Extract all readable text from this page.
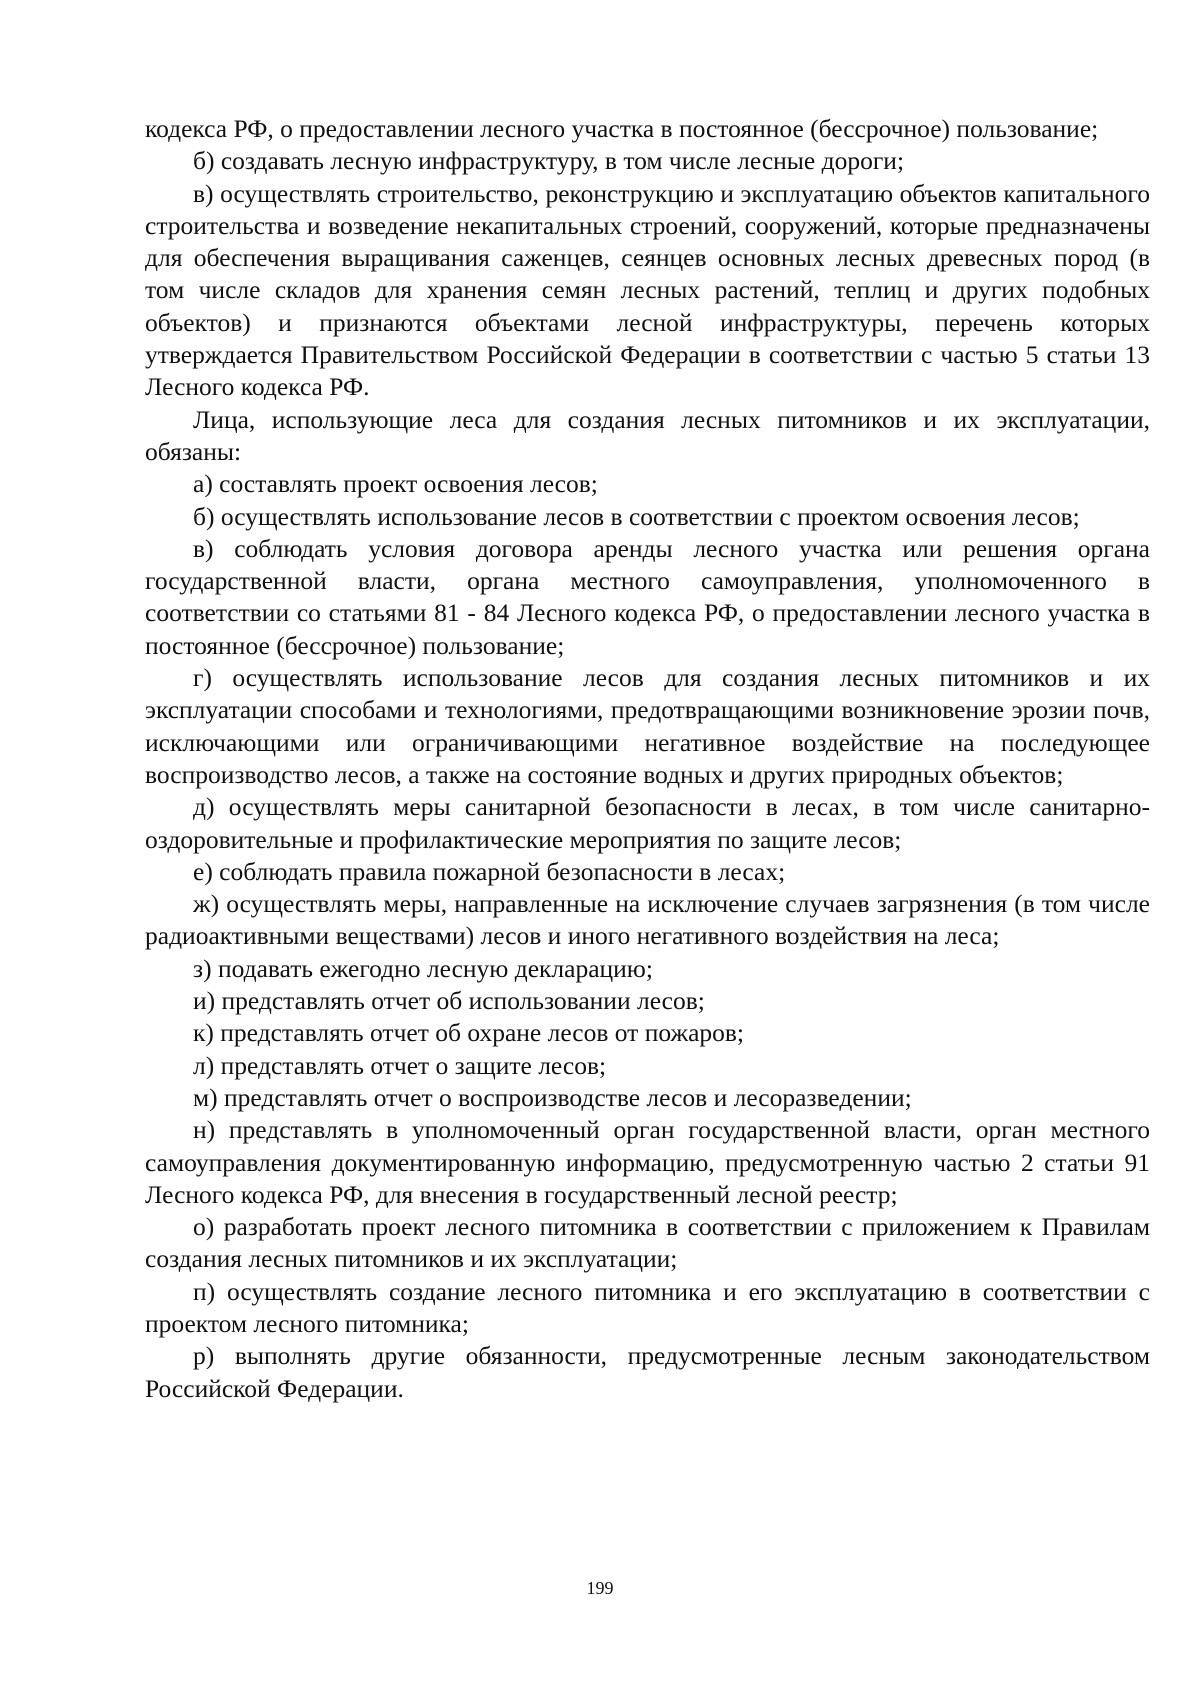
кодекса РФ, о предоставлении лесного участка в постоянное (бессрочное) пользование;

б) создавать лесную инфраструктуру, в том числе лесные дороги;

в) осуществлять строительство, реконструкцию и эксплуатацию объектов капитального строительства и возведение некапитальных строений, сооружений, которые предназначены для обеспечения выращивания саженцев, сеянцев основных лесных древесных пород (в том числе складов для хранения семян лесных растений, теплиц и других подобных объектов) и признаются объектами лесной инфраструктуры, перечень которых утверждается Правительством Российской Федерации в соответствии с частью 5 статьи 13 Лесного кодекса РФ.

Лица, использующие леса для создания лесных питомников и их эксплуатации, обязаны:

а) составлять проект освоения лесов;

б) осуществлять использование лесов в соответствии с проектом освоения лесов;

в) соблюдать условия договора аренды лесного участка или решения органа государственной власти, органа местного самоуправления, уполномоченного в соответствии со статьями 81 - 84 Лесного кодекса РФ, о предоставлении лесного участка в постоянное (бессрочное) пользование;

г) осуществлять использование лесов для создания лесных питомников и их эксплуатации способами и технологиями, предотвращающими возникновение эрозии почв, исключающими или ограничивающими негативное воздействие на последующее воспроизводство лесов, а также на состояние водных и других природных объектов;

д) осуществлять меры санитарной безопасности в лесах, в том числе санитарно-оздоровительные и профилактические мероприятия по защите лесов;

е) соблюдать правила пожарной безопасности в лесах;

ж) осуществлять меры, направленные на исключение случаев загрязнения (в том числе радиоактивными веществами) лесов и иного негативного воздействия на леса;

з) подавать ежегодно лесную декларацию;

и) представлять отчет об использовании лесов;

к) представлять отчет об охране лесов от пожаров;

л) представлять отчет о защите лесов;

м) представлять отчет о воспроизводстве лесов и лесоразведении;

н) представлять в уполномоченный орган государственной власти, орган местного самоуправления документированную информацию, предусмотренную частью 2 статьи 91 Лесного кодекса РФ, для внесения в государственный лесной реестр;

о) разработать проект лесного питомника в соответствии с приложением к Правилам создания лесных питомников и их эксплуатации;

п) осуществлять создание лесного питомника и его эксплуатацию в соответствии с проектом лесного питомника;

р) выполнять другие обязанности, предусмотренные лесным законодательством Российской Федерации.

199
